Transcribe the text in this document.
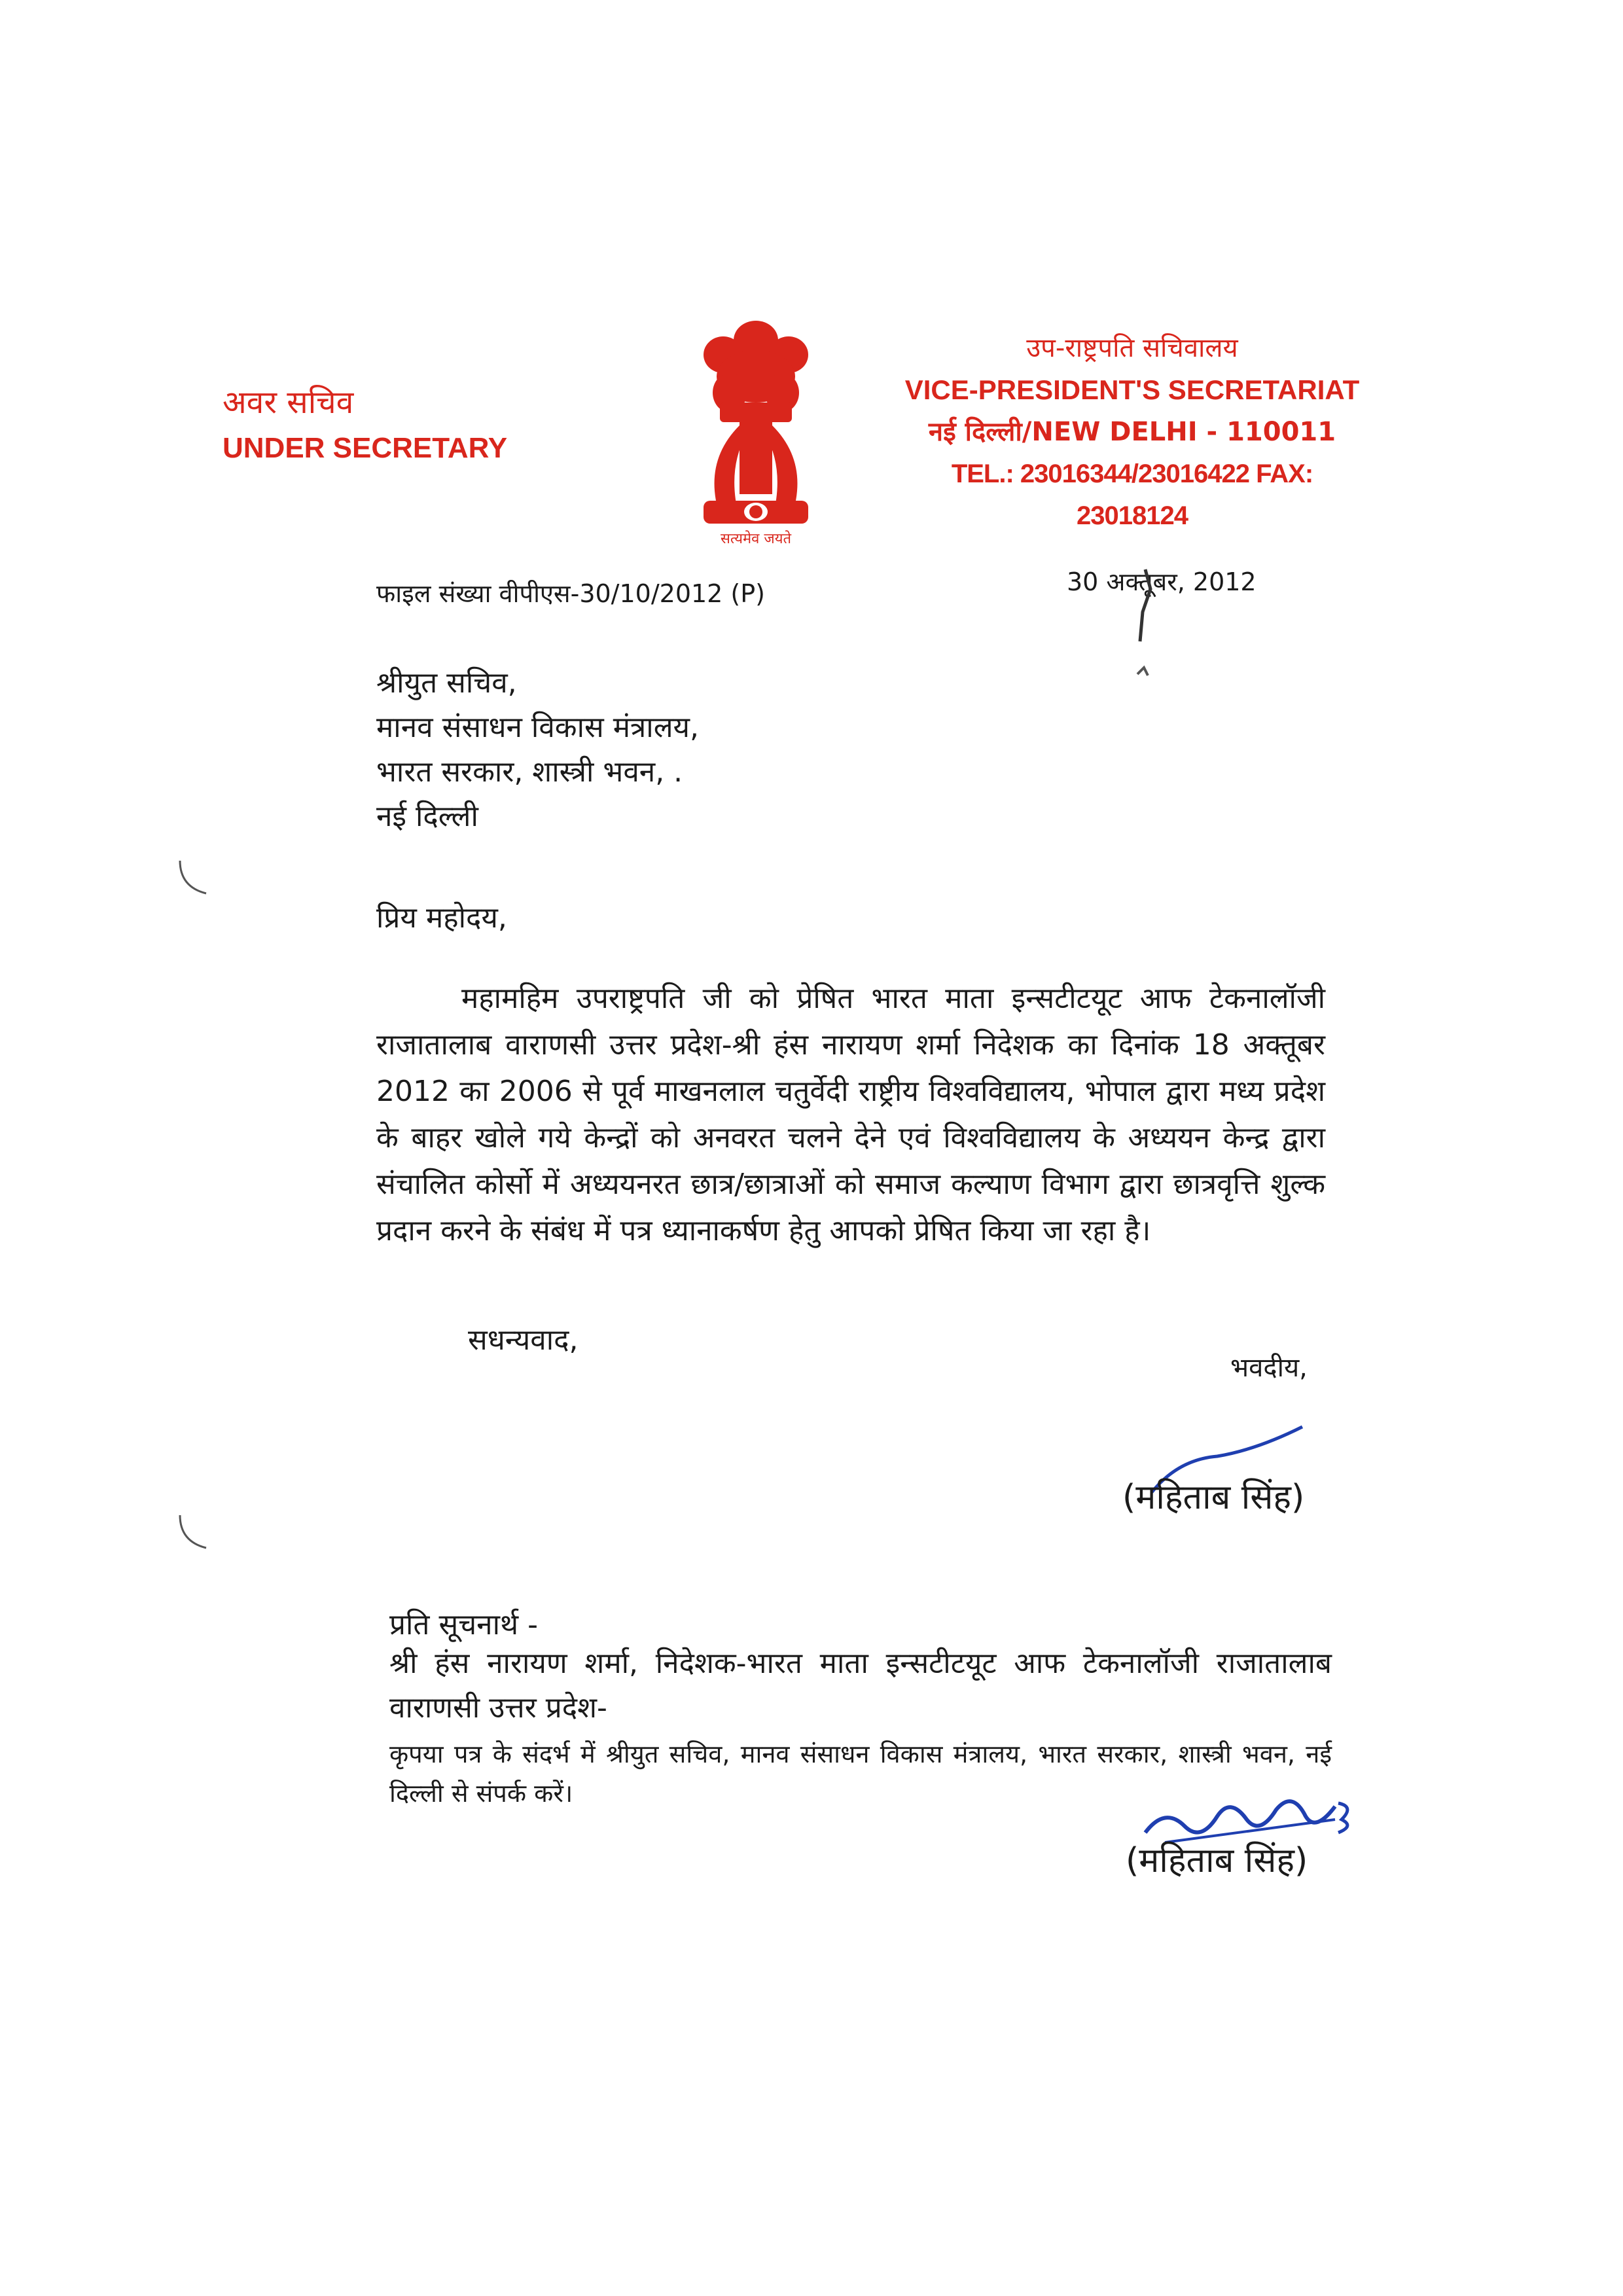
अवर सचिव
UNDER SECRETARY
सत्यमेव जयते
उप-राष्ट्रपति सचिवालय
VICE-PRESIDENT'S SECRETARIAT
नई दिल्ली/NEW DELHI - 110011
TEL.: 23016344/23016422 FAX: 23018124
फाइल संख्या वीपीएस-30/10/2012 (P)	30 अक्तूबर, 2012
श्रीयुत सचिव,
मानव संसाधन विकास मंत्रालय,
भारत सरकार, शास्त्री भवन, .
नई दिल्ली
प्रिय महोदय,
महामहिम उपराष्ट्रपति जी को प्रेषित भारत माता इन्सटीटयूट आफ टेकनालॉजी राजातालाब वाराणसी उत्तर प्रदेश-श्री हंस नारायण शर्मा निदेशक का दिनांक 18 अक्तूबर 2012 का 2006 से पूर्व माखनलाल चतुर्वेदी राष्ट्रीय विश्वविद्यालय, भोपाल द्वारा मध्य प्रदेश के बाहर खोले गये केन्द्रों को अनवरत चलने देने एवं विश्वविद्यालय के अध्ययन केन्द्र द्वारा संचालित कोर्सो में अध्ययनरत छात्र/छात्राओं को समाज कल्याण विभाग द्वारा छात्रवृत्ति शुल्क प्रदान करने के संबंध में पत्र ध्यानाकर्षण हेतु आपको प्रेषित किया जा रहा है।
सधन्यवाद,
भवदीय,
(महिताब सिंह)
प्रति सूचनार्थ -
श्री हंस नारायण शर्मा, निदेशक-भारत माता इन्सटीटयूट आफ टेकनालॉजी राजातालाब वाराणसी उत्तर प्रदेश-
कृपया पत्र के संदर्भ में श्रीयुत सचिव, मानव संसाधन विकास मंत्रालय, भारत सरकार, शास्त्री भवन, नई दिल्ली से संपर्क करें।
(महिताब सिंह)
